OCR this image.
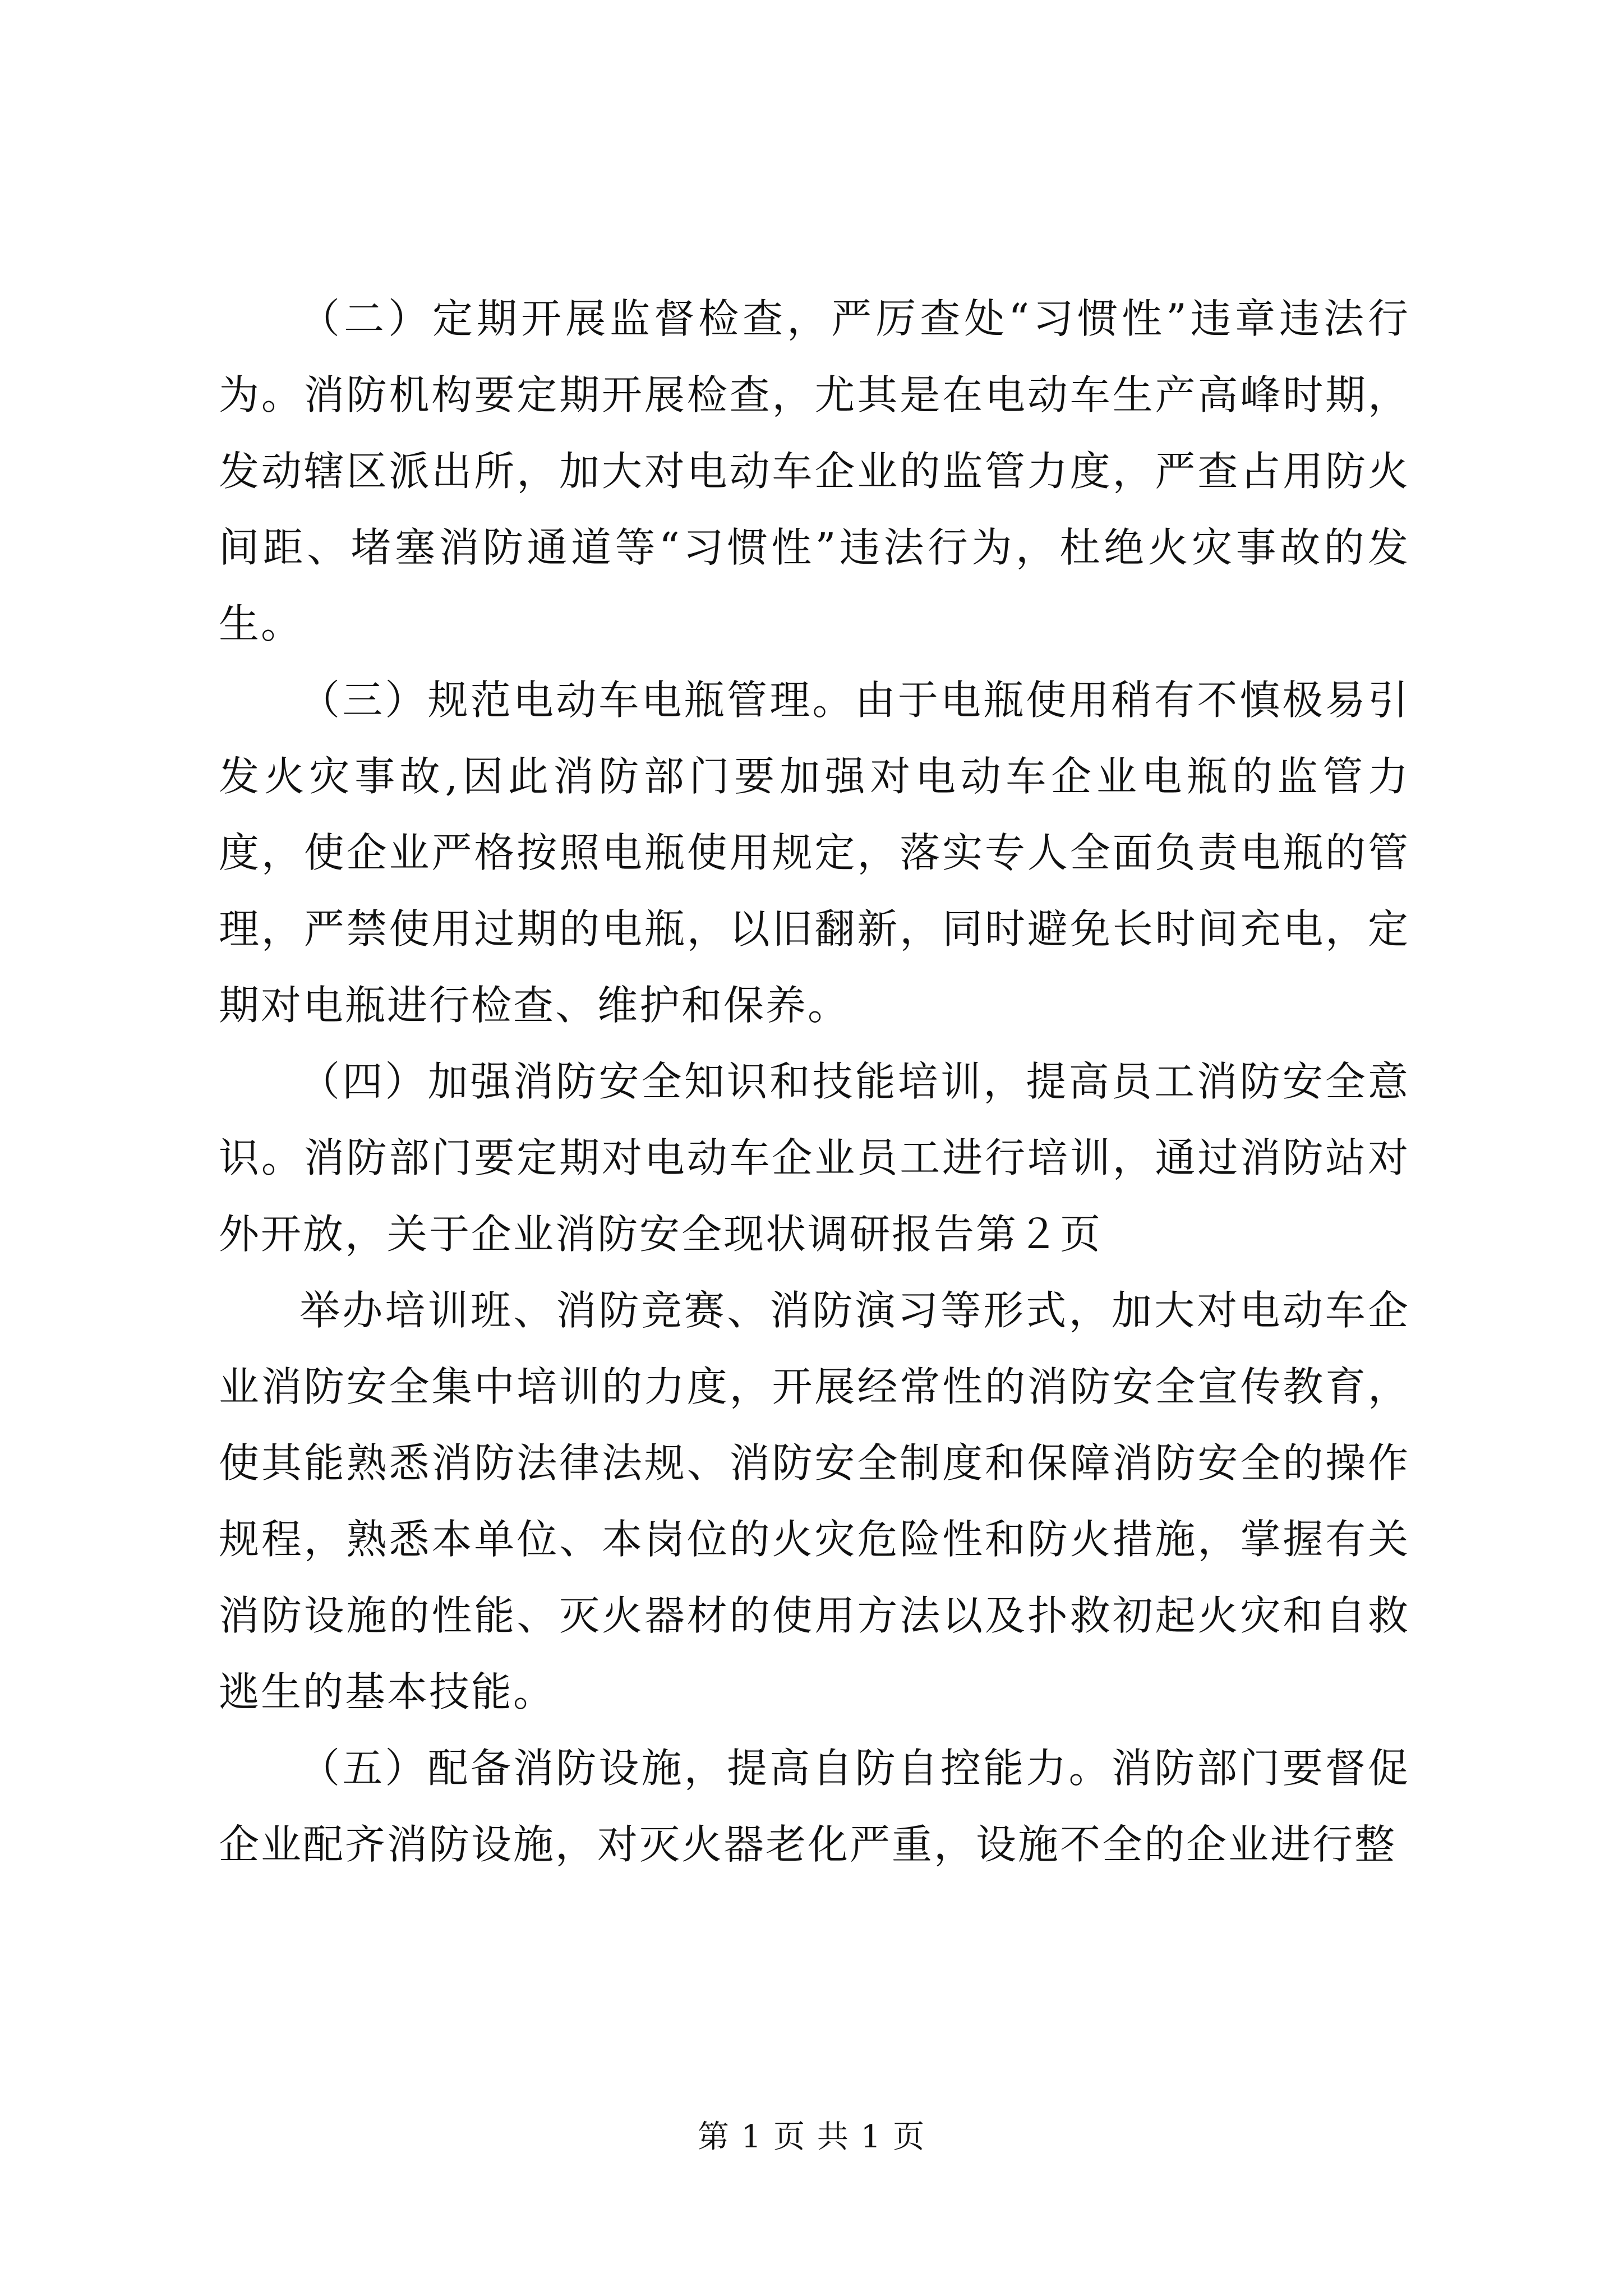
（二）定期开展监督检查，严厉查处“习惯性”违章违法行为。消防机构要定期开展检查，尤其是在电动车生产高峰时期，发动辖区派出所，加大对电动车企业的监管力度，严查占用防火间距、堵塞消防通道等“习惯性”违法行为，杜绝火灾事故的发生。

（三）规范电动车电瓶管理。由于电瓶使用稍有不慎极易引发火灾事故,因此消防部门要加强对电动车企业电瓶的监管力度，使企业严格按照电瓶使用规定，落实专人全面负责电瓶的管理，严禁使用过期的电瓶，以旧翻新，同时避免长时间充电，定期对电瓶进行检查、维护和保养。

（四）加强消防安全知识和技能培训，提高员工消防安全意识。消防部门要定期对电动车企业员工进行培训，通过消防站对外开放，关于企业消防安全现状调研报告第２页

举办培训班、消防竞赛、消防演习等形式，加大对电动车企业消防安全集中培训的力度，开展经常性的消防安全宣传教育，使其能熟悉消防法律法规、消防安全制度和保障消防安全的操作规程，熟悉本单位、本岗位的火灾危险性和防火措施，掌握有关消防设施的性能、灭火器材的使用方法以及扑救初起火灾和自救逃生的基本技能。

（五）配备消防设施，提高自防自控能力。消防部门要督促企业配齐消防设施，对灭火器老化严重，设施不全的企业进行整

第 1 页 共 1 页
